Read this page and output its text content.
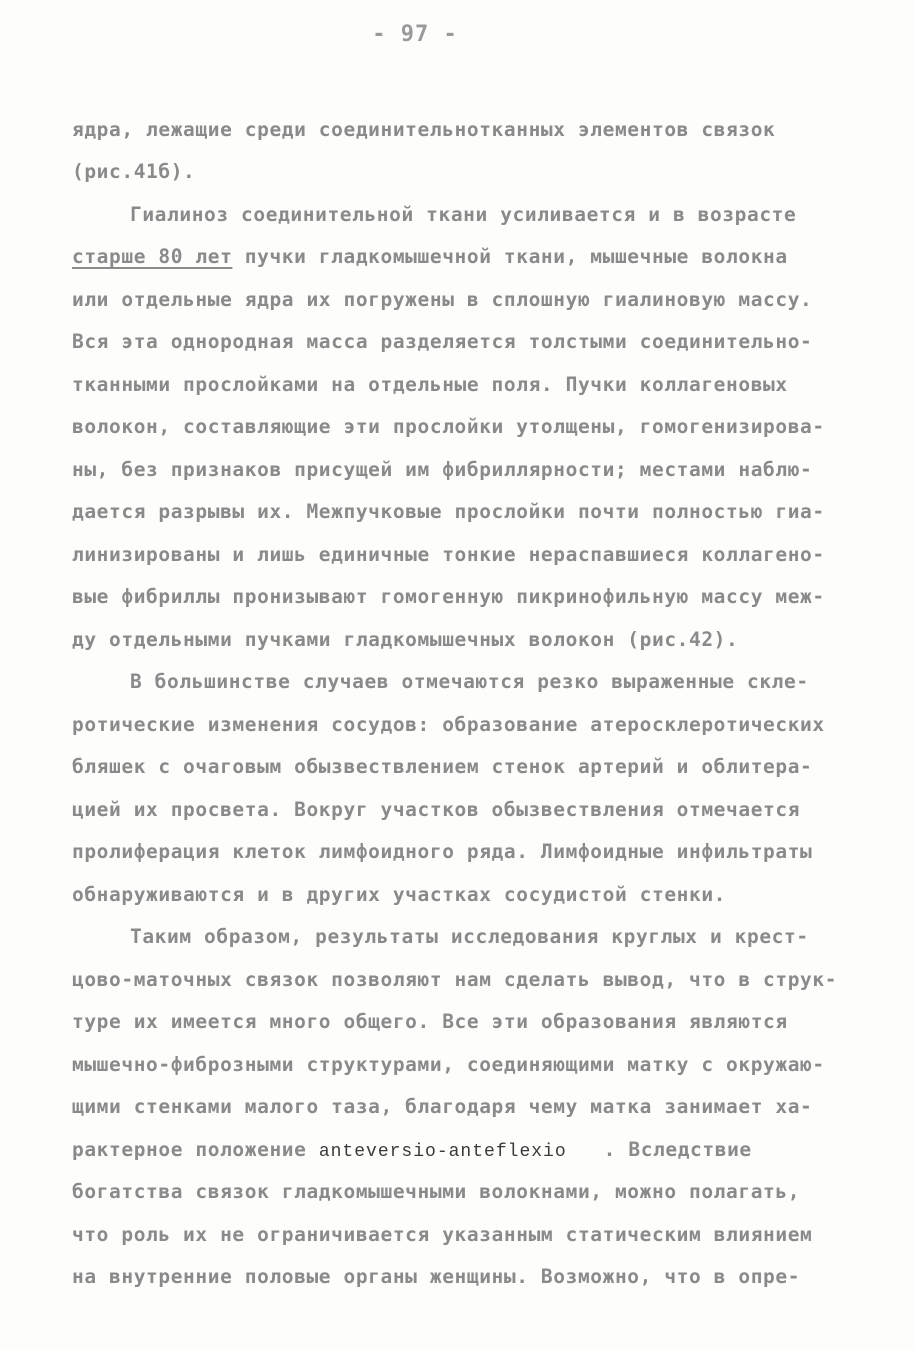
- 97 -
ядра, лежащие среди соединительнотканных элементов связок
(рис.41б).
Гиалиноз соединительной ткани усиливается и в возрасте
старше 80 лет пучки гладкомышечной ткани, мышечные волокна
или отдельные ядра их погружены в сплошную гиалиновую массу.
Вся эта однородная масса разделяется толстыми соединительно-
тканными прослойками на отдельные поля. Пучки коллагеновых
волокон, составляющие эти прослойки утолщены, гомогенизирова-
ны, без признаков присущей им фибриллярности; местами наблю-
дается разрывы их. Межпучковые прослойки почти полностью гиа-
линизированы и лишь единичные тонкие нераспавшиеся коллагено-
вые фибриллы пронизывают гомогенную пикринофильную массу меж-
ду отдельными пучками гладкомышечных волокон (рис.42).
В большинстве случаев отмечаются резко выраженные скле-
ротические изменения сосудов: образование атеросклеротических
бляшек с очаговым обызвествлением стенок артерий и облитера-
цией их просвета. Вокруг участков обызвествления отмечается
пролиферация клеток лимфоидного ряда. Лимфоидные инфильтраты
обнаруживаются и в других участках сосудистой стенки.
Таким образом, результаты исследования круглых и крест-
цово-маточных связок позволяют нам сделать вывод, что в струк-
туре их имеется много общего. Все эти образования являются
мышечно-фиброзными структурами, соединяющими матку с окружаю-
щими стенками малого таза, благодаря чему матка занимает ха-
рактерное положение anteversio-anteflexio   . Вследствие
богатства связок гладкомышечными волокнами, можно полагать,
что роль их не ограничивается указанным статическим влиянием
на внутренние половые органы женщины. Возможно, что в опре-
